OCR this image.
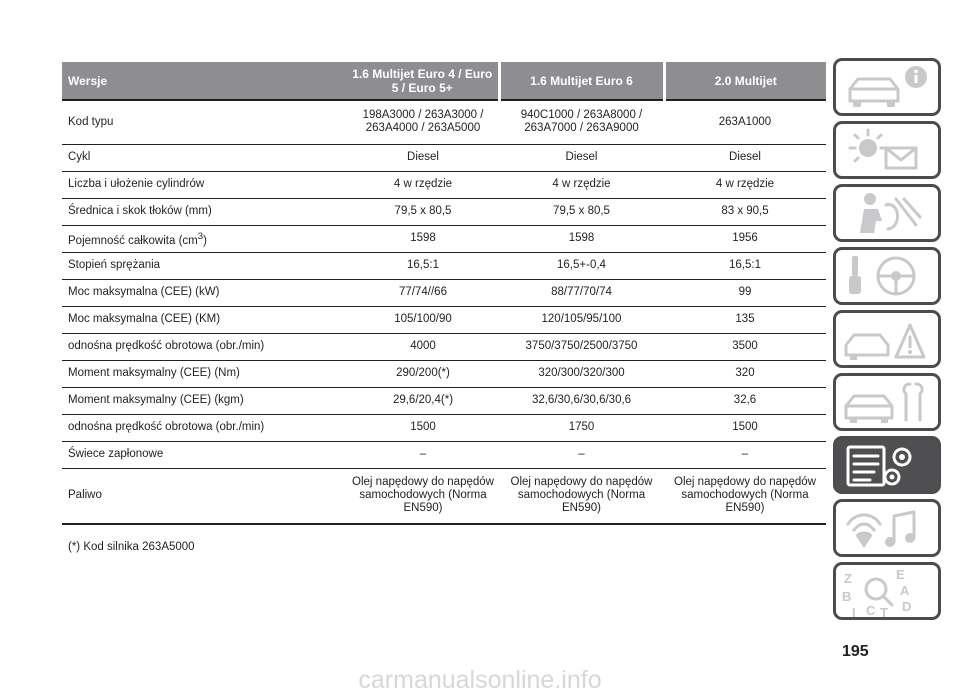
Wersje	1.6 Multijet Euro 4 / Euro 5 / Euro 5+	1.6 Multijet Euro 6	2.0 Multijet
Kod typu	198A3000 / 263A3000 / 263A4000 / 263A5000	940C1000 / 263A8000 / 263A7000 / 263A9000	263A1000
Cykl	Diesel	Diesel	Diesel
Liczba i ułożenie cylindrów	4 w rzędzie	4 w rzędzie	4 w rzędzie
Średnica i skok tłoków (mm)	79,5 x 80,5	79,5 x 80,5	83 x 90,5
Pojemność całkowita $(cm^3)$	1598	1598	1956
Stopień sprężania	16,5:1	16,5+-0,4	16,5:1
Moc maksymalna (CEE) (kW)	77/74//66	88/77/70/74	99
Moc maksymalna (CEE) (KM)	105/100/90	120/105/95/100	135
odnośna prędkość obrotowa (obr./min)	4000	3750/3750/2500/3750	3500
Moment maksymalny (CEE) (Nm)	290/200(*)	320/300/320/300	320
Moment maksymalny (CEE) (kgm)	29,6/20,4(*)	32,6/30,6/30,6/30,6	32,6
odnośna prędkość obrotowa (obr./min)	1500	1750	1500
Świece zapłonowe	–	–	–
Paliwo	Olej napędowy do napędów samochodowych (Norma EN590)	Olej napędowy do napędów samochodowych (Norma EN590)	Olej napędowy do napędów samochodowych (Norma EN590)
(*) Kod silnika 263A5000
Z	E
B	A
C D
T
I
195
carmanualsonline.info
